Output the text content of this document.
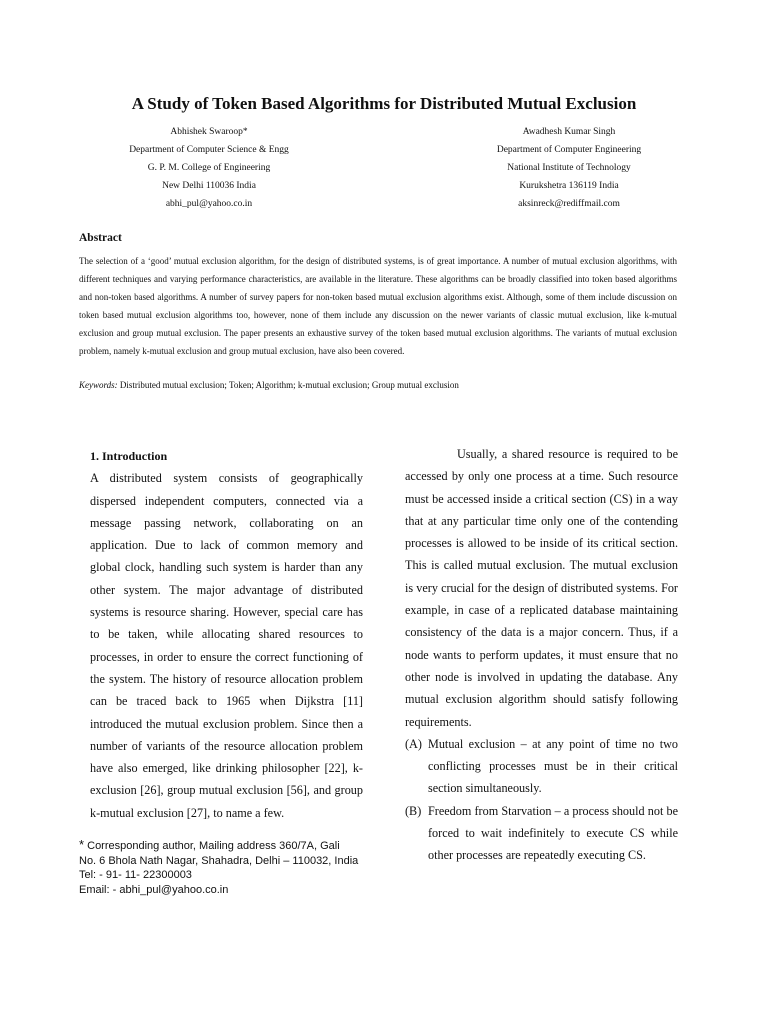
A Study of Token Based Algorithms for Distributed Mutual Exclusion
Abhishek Swaroop*
Department of Computer Science & Engg
G. P. M. College of Engineering
New Delhi 110036 India
abhi_pul@yahoo.co.in
Awadhesh Kumar Singh
Department of Computer Engineering
National Institute of Technology
Kurukshetra 136119 India
aksinreck@rediffmail.com
Abstract
The selection of a ‘good’ mutual exclusion algorithm, for the design of distributed systems, is of great importance. A number of mutual exclusion algorithms, with different techniques and varying performance characteristics, are available in the literature. These algorithms can be broadly classified into token based algorithms and non-token based algorithms. A number of survey papers for non-token based mutual exclusion algorithms exist. Although, some of them include discussion on token based mutual exclusion algorithms too, however, none of them include any discussion on the newer variants of classic mutual exclusion, like k-mutual exclusion and group mutual exclusion. The paper presents an exhaustive survey of the token based mutual exclusion algorithms. The variants of mutual exclusion problem, namely k-mutual exclusion and group mutual exclusion, have also been covered.
Keywords: Distributed mutual exclusion; Token; Algorithm; k-mutual exclusion; Group mutual exclusion
1. Introduction

A distributed system consists of geographically dispersed independent computers, connected via a message passing network, collaborating on an application. Due to lack of common memory and global clock, handling such system is harder than any other system. The major advantage of distributed systems is resource sharing. However, special care has to be taken, while allocating shared resources to processes, in order to ensure the correct functioning of the system. The history of resource allocation problem can be traced back to 1965 when Dijkstra [11] introduced the mutual exclusion problem. Since then a number of variants of the resource allocation problem have also emerged, like drinking philosopher [22], k-exclusion [26], group mutual exclusion [56], and group k-mutual exclusion [27], to name a few.

Usually, a shared resource is required to be accessed by only one process at a time. Such resource must be accessed inside a critical section (CS) in a way that at any particular time only one of the contending processes is allowed to be inside of its critical section. This is called mutual exclusion. The mutual exclusion is very crucial for the design of distributed systems. For example, in case of a replicated database maintaining consistency of the data is a major concern. Thus, if a node wants to perform updates, it must ensure that no other node is involved in updating the database. Any mutual exclusion algorithm should satisfy following requirements.

(A) Mutual exclusion – at any point of time no two conflicting processes must be in their critical section simultaneously.
(B) Freedom from Starvation – a process should not be forced to wait indefinitely to execute CS while other processes are repeatedly executing CS.
* Corresponding author, Mailing address 360/7A, Gali
No. 6 Bhola Nath Nagar, Shahadra, Delhi – 110032, India
Tel: - 91- 11- 22300003
Email: - abhi_pul@yahoo.co.in
